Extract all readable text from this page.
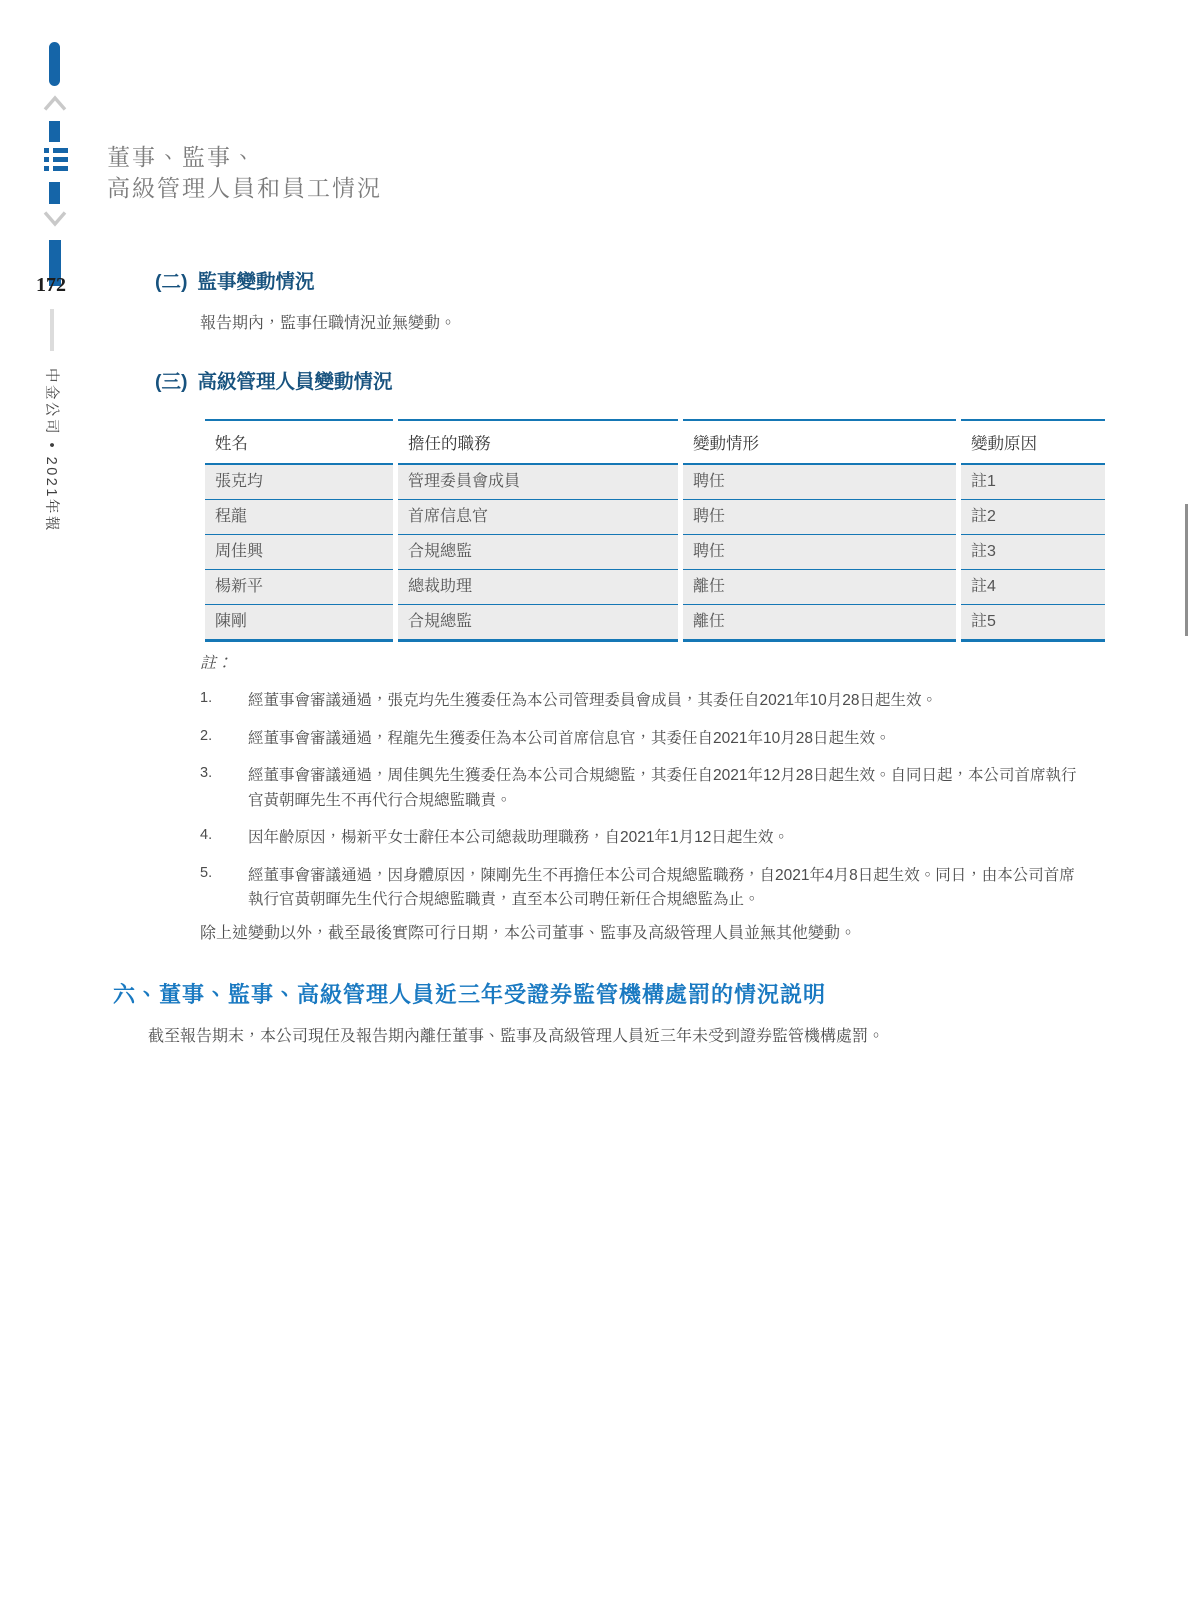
172
中金公司 • 2021年報
董事、監事、
高級管理人員和員工情況
(二) 監事變動情況

報告期內，監事任職情況並無變動。

(三) 高級管理人員變動情況
姓名	擔任的職務	變動情形	變動原因
張克均	管理委員會成員	聘任	註1
程龍	首席信息官	聘任	註2
周佳興	合規總監	聘任	註3
楊新平	總裁助理	離任	註4
陳剛	合規總監	離任	註5
註：
1.	經董事會審議通過，張克均先生獲委任為本公司管理委員會成員，其委任自2021年10月28日起生效。
2.	經董事會審議通過，程龍先生獲委任為本公司首席信息官，其委任自2021年10月28日起生效。
3.	經董事會審議通過，周佳興先生獲委任為本公司合規總監，其委任自2021年12月28日起生效。自同日起，本公司首席執行官黃朝暉先生不再代行合規總監職責。
4.	因年齡原因，楊新平女士辭任本公司總裁助理職務，自2021年1月12日起生效。
5.	經董事會審議通過，因身體原因，陳剛先生不再擔任本公司合規總監職務，自2021年4月8日起生效。同日，由本公司首席執行官黃朝暉先生代行合規總監職責，直至本公司聘任新任合規總監為止。

除上述變動以外，截至最後實際可行日期，本公司董事、監事及高級管理人員並無其他變動。

六、董事、監事、高級管理人員近三年受證券監管機構處罰的情況説明

截至報告期末，本公司現任及報告期內離任董事、監事及高級管理人員近三年未受到證券監管機構處罰。
